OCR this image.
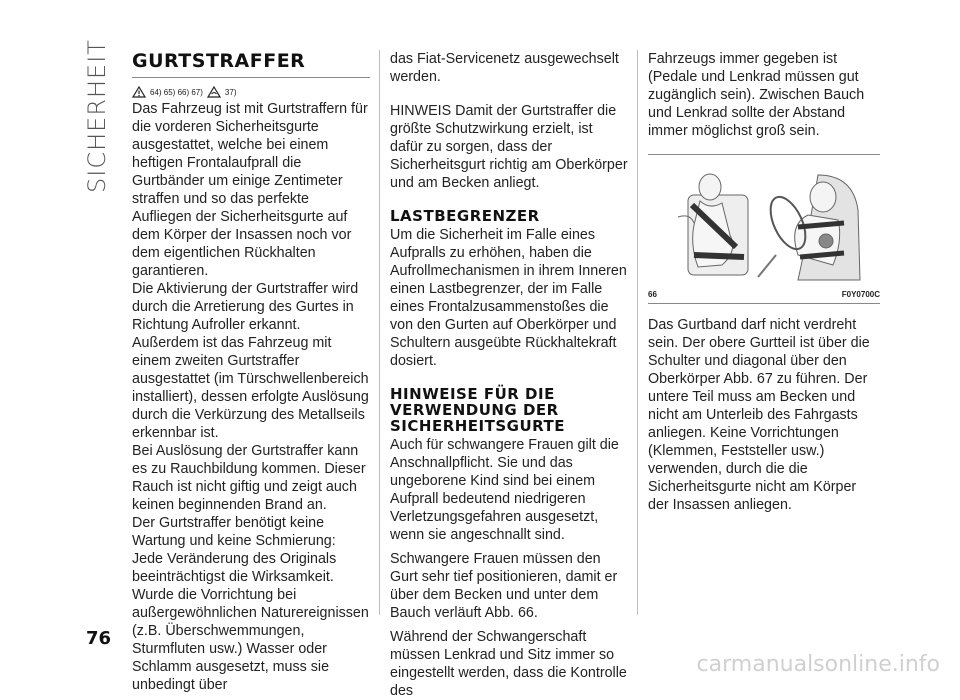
SICHERHEIT GURTSTRAFFER
64) 65) 66) 67)	37)

Das Fahrzeug ist mit Gurtstraffern für die vorderen Sicherheitsgurte ausgestattet, welche bei einem heftigen Frontalaufprall die Gurtbänder um einige Zentimeter straffen und so das perfekte Aufliegen der Sicherheitsgurte auf dem Körper der Insassen noch vor dem eigentlichen Rückhalten garantieren.

Die Aktivierung der Gurtstraffer wird durch die Arretierung des Gurtes in Richtung Aufroller erkannt.

Außerdem ist das Fahrzeug mit einem zweiten Gurtstraffer ausgestattet (im Türschwellenbereich installiert), dessen erfolgte Auslösung durch die Verkürzung des Metallseils erkennbar ist.

Bei Auslösung der Gurtstraffer kann es zu Rauchbildung kommen. Dieser Rauch ist nicht giftig und zeigt auch keinen beginnenden Brand an.

Der Gurtstraffer benötigt keine Wartung und keine Schmierung: Jede Veränderung des Originals beeinträchtigst die Wirksamkeit.

Wurde die Vorrichtung bei außergewöhnlichen Naturereignissen (z.B. Überschwemmungen, Sturmfluten usw.) Wasser oder Schlamm ausgesetzt, muss sie unbedingt über

das Fiat-Servicenetz ausgewechselt werden.

HINWEIS Damit der Gurtstraffer die größte Schutzwirkung erzielt, ist dafür zu sorgen, dass der Sicherheitsgurt richtig am Oberkörper und am Becken anliegt.

LASTBEGRENZER

Um die Sicherheit im Falle eines Aufpralls zu erhöhen, haben die Aufrollmechanismen in ihrem Inneren einen Lastbegrenzer, der im Falle eines Frontalzusammenstoßes die von den Gurten auf Oberkörper und Schultern ausgeübte Rückhaltekraft dosiert.

HINWEISE FÜR DIE VERWENDUNG DER SICHERHEITSGURTE

Auch für schwangere Frauen gilt die Anschnallpflicht. Sie und das ungeborene Kind sind bei einem Aufprall bedeutend niedrigeren Verletzungsgefahren ausgesetzt, wenn sie angeschnallt sind.

Schwangere Frauen müssen den Gurt sehr tief positionieren, damit er über dem Becken und unter dem Bauch verläuft Abb. 66.

Während der Schwangerschaft müssen Lenkrad und Sitz immer so eingestellt werden, dass die Kontrolle des

Fahrzeugs immer gegeben ist (Pedale und Lenkrad müssen gut zugänglich sein). Zwischen Bauch und Lenkrad sollte der Abstand immer möglichst groß sein.

66	F0Y0700C

Das Gurtband darf nicht verdreht sein. Der obere Gurtteil ist über die Schulter und diagonal über den Oberkörper Abb. 67 zu führen. Der untere Teil muss am Becken und nicht am Unterleib des Fahrgasts anliegen. Keine Vorrichtungen (Klemmen, Feststeller usw.) verwenden, durch die die Sicherheitsgurte nicht am Körper der Insassen anliegen.

76
carmanualsonline.info
